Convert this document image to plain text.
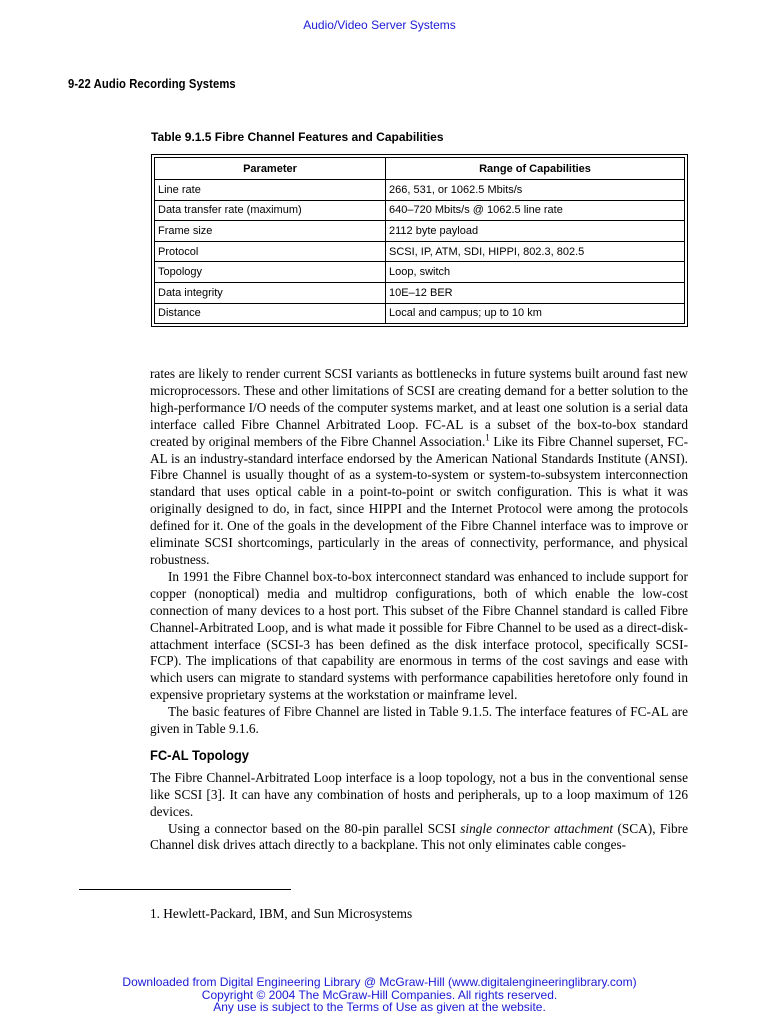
Audio/Video Server Systems
9-22 Audio Recording Systems
Table 9.1.5 Fibre Channel Features and Capabilities
Parameter	Range of Capabilities
Line rate	266, 531, or 1062.5 Mbits/s
Data transfer rate (maximum)	640–720 Mbits/s @ 1062.5 line rate
Frame size	2112 byte payload
Protocol	SCSI, IP, ATM, SDI, HIPPI, 802.3, 802.5
Topology	Loop, switch
Data integrity	10E–12 BER
Distance	Local and campus; up to 10 km

rates are likely to render current SCSI variants as bottlenecks in future systems built around fast new microprocessors. These and other limitations of SCSI are creating demand for a better solution to the high-performance I/O needs of the computer systems market, and at least one solution is a serial data interface called Fibre Channel Arbitrated Loop. FC-AL is a subset of the box-to-box standard created by original members of the Fibre Channel Association.$^1$ Like its Fibre Channel superset, FC-AL is an industry-standard interface endorsed by the American National Standards Institute (ANSI). Fibre Channel is usually thought of as a system-to-system or system-to-subsystem interconnection standard that uses optical cable in a point-to-point or switch configuration. This is what it was originally designed to do, in fact, since HIPPI and the Internet Protocol were among the protocols defined for it. One of the goals in the development of the Fibre Channel interface was to improve or eliminate SCSI shortcomings, particularly in the areas of connectivity, performance, and physical robustness.

In 1991 the Fibre Channel box-to-box interconnect standard was enhanced to include support for copper (nonoptical) media and multidrop configurations, both of which enable the low-cost connection of many devices to a host port. This subset of the Fibre Channel standard is called Fibre Channel-Arbitrated Loop, and is what made it possible for Fibre Channel to be used as a direct-disk-attachment interface (SCSI-3 has been defined as the disk interface protocol, specifically SCSI-FCP). The implications of that capability are enormous in terms of the cost savings and ease with which users can migrate to standard systems with performance capabilities heretofore only found in expensive proprietary systems at the workstation or mainframe level.

The basic features of Fibre Channel are listed in Table 9.1.5. The interface features of FC-AL are given in Table 9.1.6.

FC-AL Topology

The Fibre Channel-Arbitrated Loop interface is a loop topology, not a bus in the conventional sense like SCSI [3]. It can have any combination of hosts and peripherals, up to a loop maximum of 126 devices.

Using a connector based on the 80-pin parallel SCSI single connector attachment (SCA), Fibre Channel disk drives attach directly to a backplane. This not only eliminates cable conges-

1. Hewlett-Packard, IBM, and Sun Microsystems
Downloaded from Digital Engineering Library @ McGraw-Hill (www.digitalengineeringlibrary.com)
Copyright © 2004 The McGraw-Hill Companies. All rights reserved.
Any use is subject to the Terms of Use as given at the website.
